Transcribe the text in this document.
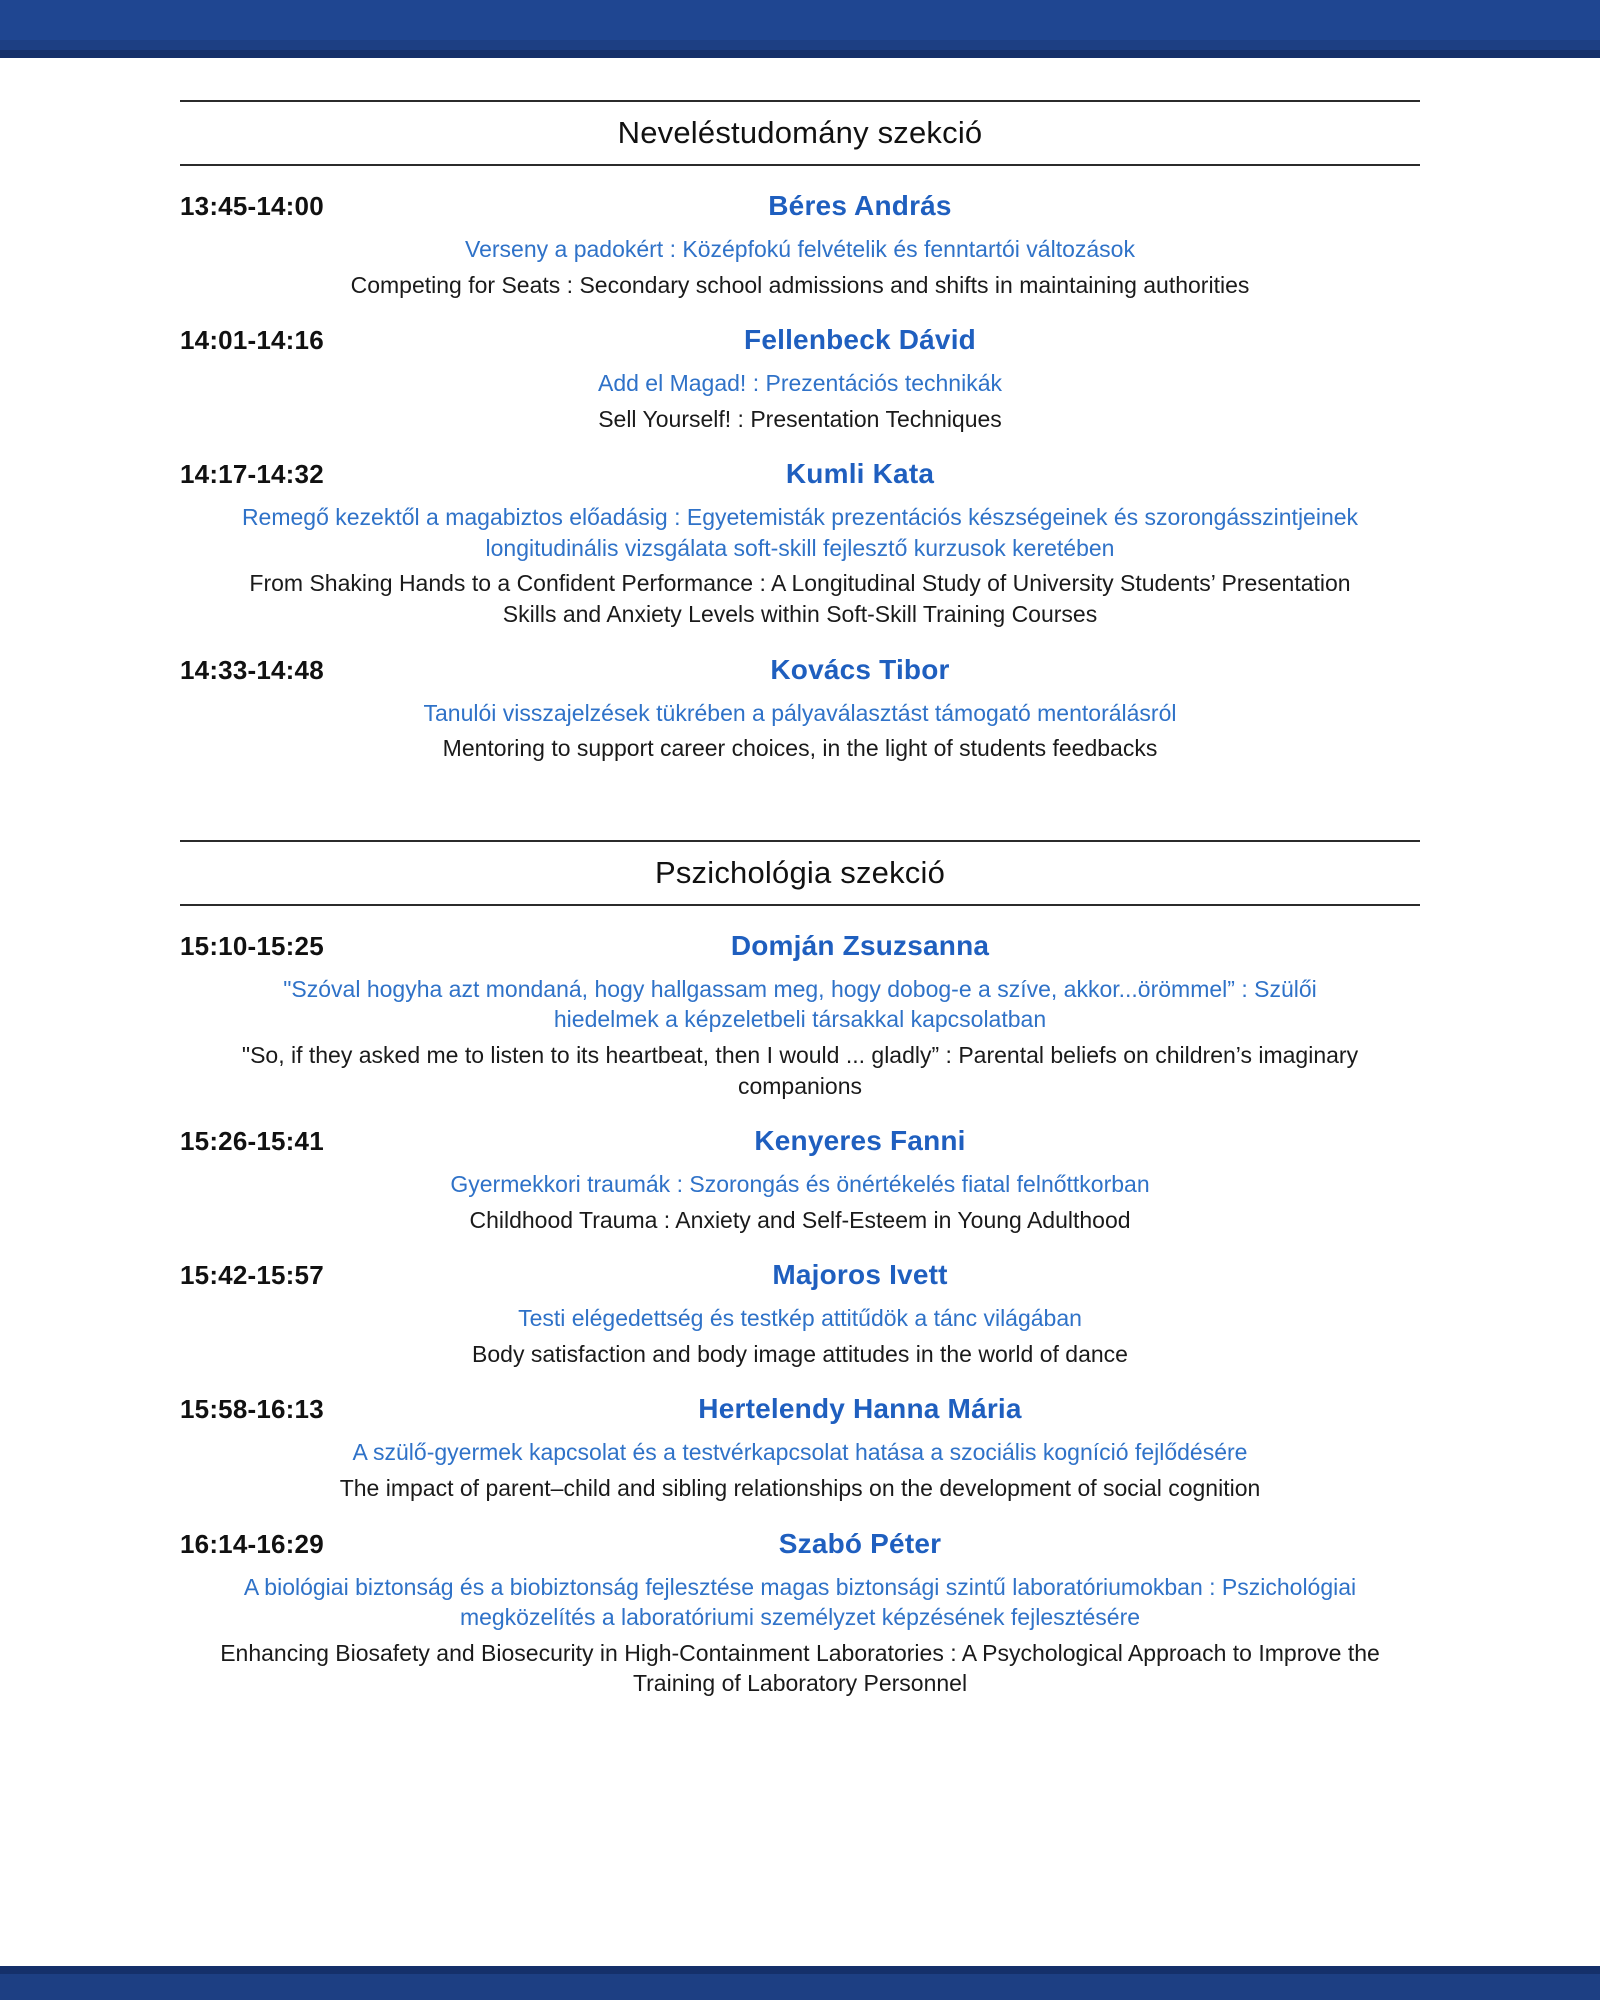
Neveléstudomány szekció
13:45-14:00	Béres András
Verseny a padokért : Középfokú felvételik és fenntartói változások
Competing for Seats : Secondary school admissions and shifts in maintaining authorities
14:01-14:16	Fellenbeck Dávid
Add el Magad! : Prezentációs technikák
Sell Yourself! : Presentation Techniques
14:17-14:32	Kumli Kata
Remegő kezektől a magabiztos előadásig : Egyetemisták prezentációs készségeinek és szorongásszintjeinek longitudinális vizsgálata soft-skill fejlesztő kurzusok keretében
From Shaking Hands to a Confident Performance : A Longitudinal Study of University Students’ Presentation Skills and Anxiety Levels within Soft-Skill Training Courses
14:33-14:48	Kovács Tibor
Tanulói visszajelzések tükrében a pályaválasztást támogató mentorálásról
Mentoring to support career choices, in the light of students feedbacks
Pszichológia szekció
15:10-15:25	Domján Zsuzsanna
"Szóval hogyha azt mondaná, hogy hallgassam meg, hogy dobog-e a szíve, akkor...örömmel” : Szülői hiedelmek a képzeletbeli társakkal kapcsolatban
"So, if they asked me to listen to its heartbeat, then I would ... gladly” : Parental beliefs on children’s imaginary companions
15:26-15:41	Kenyeres Fanni
Gyermekkori traumák : Szorongás és önértékelés fiatal felnőttkorban
Childhood Trauma : Anxiety and Self-Esteem in Young Adulthood
15:42-15:57	Majoros Ivett
Testi elégedettség és testkép attitűdök a tánc világában
Body satisfaction and body image attitudes in the world of dance
15:58-16:13	Hertelendy Hanna Mária
A szülő-gyermek kapcsolat és a testvérkapcsolat hatása a szociális kogníció fejlődésére
The impact of parent–child and sibling relationships on the development of social cognition
16:14-16:29	Szabó Péter
A biológiai biztonság és a biobiztonság fejlesztése magas biztonsági szintű laboratóriumokban : Pszichológiai megközelítés a laboratóriumi személyzet képzésének fejlesztésére
Enhancing Biosafety and Biosecurity in High-Containment Laboratories : A Psychological Approach to Improve the Training of Laboratory Personnel
